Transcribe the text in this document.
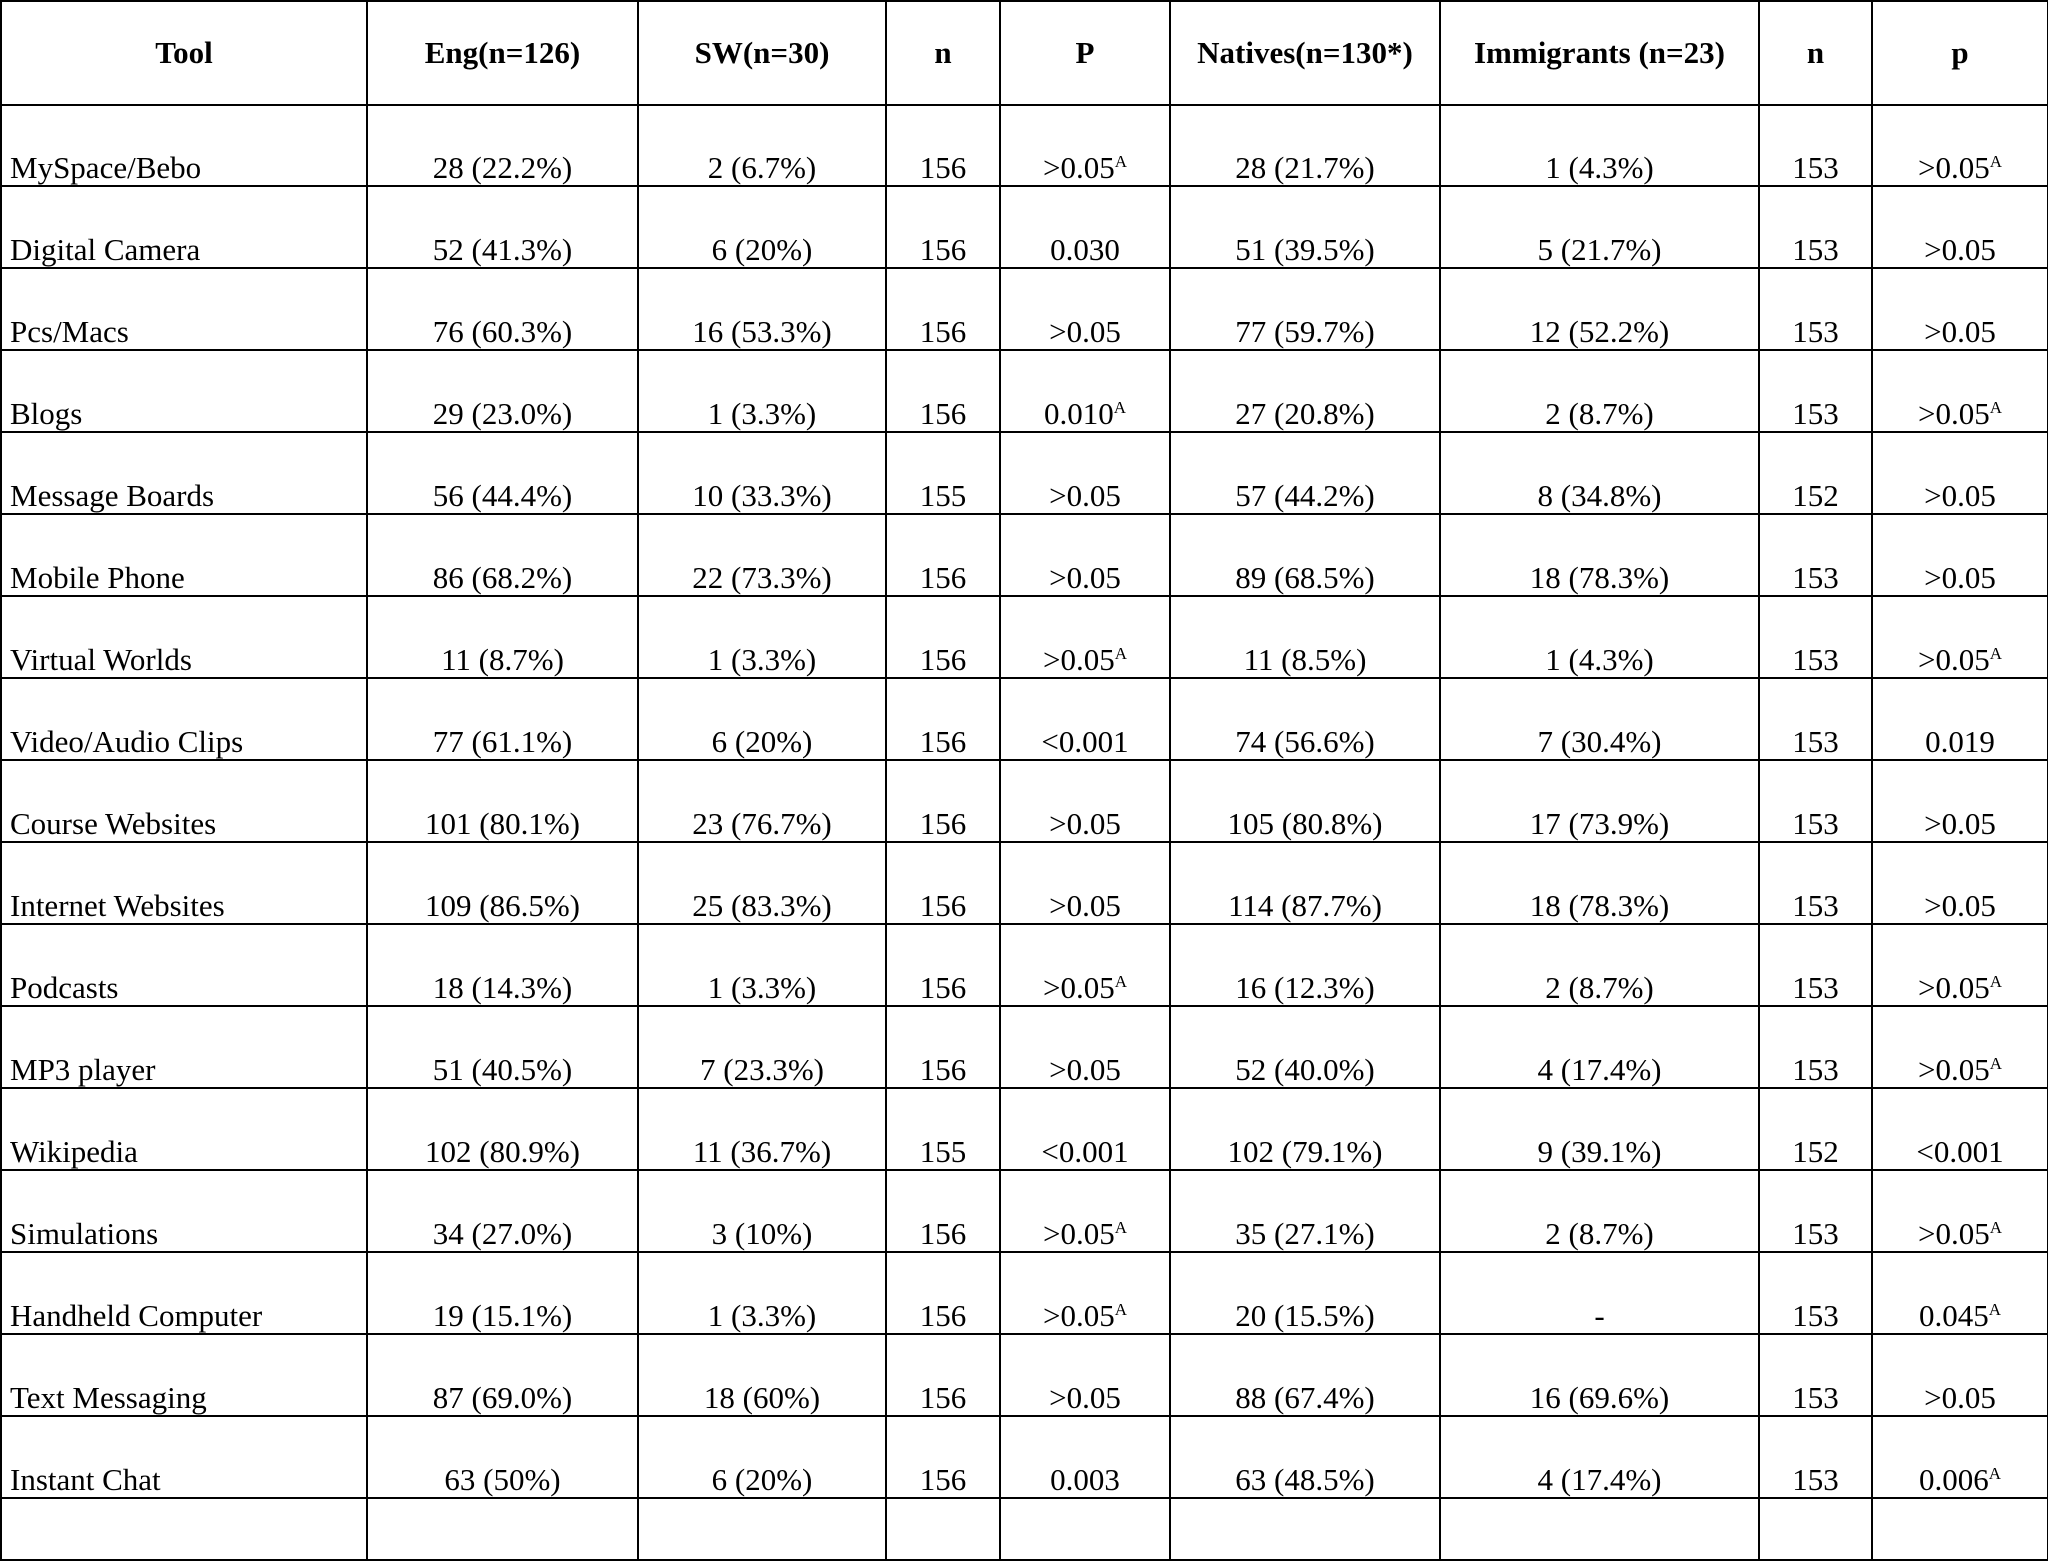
Tool	Eng(n=126)	SW(n=30)	n	P	Natives(n=130*)	Immigrants (n=23)	n	p
MySpace/Bebo	28 (22.2%)	2 (6.7%)	156	$>0.05^A$	28 (21.7%)	1 (4.3%)	153	$>0.05^A$
Digital Camera	52 (41.3%)	6 (20%)	156	0.030	51 (39.5%)	5 (21.7%)	153	>0.05
Pcs/Macs	76 (60.3%)	16 (53.3%)	156	>0.05	77 (59.7%)	12 (52.2%)	153	>0.05
Blogs	29 (23.0%)	1 (3.3%)	156	$0.010^A$	27 (20.8%)	2 (8.7%)	153	$>0.05^A$
Message Boards	56 (44.4%)	10 (33.3%)	155	>0.05	57 (44.2%)	8 (34.8%)	152	>0.05
Mobile Phone	86 (68.2%)	22 (73.3%)	156	>0.05	89 (68.5%)	18 (78.3%)	153	>0.05
Virtual Worlds	11 (8.7%)	1 (3.3%)	156	$>0.05^A$	11 (8.5%)	1 (4.3%)	153	$>0.05^A$
Video/Audio Clips	77 (61.1%)	6 (20%)	156	<0.001	74 (56.6%)	7 (30.4%)	153	0.019
Course Websites	101 (80.1%)	23 (76.7%)	156	>0.05	105 (80.8%)	17 (73.9%)	153	>0.05
Internet Websites	109 (86.5%)	25 (83.3%)	156	>0.05	114 (87.7%)	18 (78.3%)	153	>0.05
Podcasts	18 (14.3%)	1 (3.3%)	156	$>0.05^A$	16 (12.3%)	2 (8.7%)	153	$>0.05^A$
MP3 player	51 (40.5%)	7 (23.3%)	156	>0.05	52 (40.0%)	4 (17.4%)	153	$>0.05^A$
Wikipedia	102 (80.9%)	11 (36.7%)	155	<0.001	102 (79.1%)	9 (39.1%)	152	<0.001
Simulations	34 (27.0%)	3 (10%)	156	$>0.05^A$	35 (27.1%)	2 (8.7%)	153	$>0.05^A$
Handheld Computer	19 (15.1%)	1 (3.3%)	156	$>0.05^A$	20 (15.5%)	-	153	$0.045^A$
Text Messaging	87 (69.0%)	18 (60%)	156	>0.05	88 (67.4%)	16 (69.6%)	153	>0.05
Instant Chat	63 (50%)	6 (20%)	156	0.003	63 (48.5%)	4 (17.4%)	153	$0.006^A$
